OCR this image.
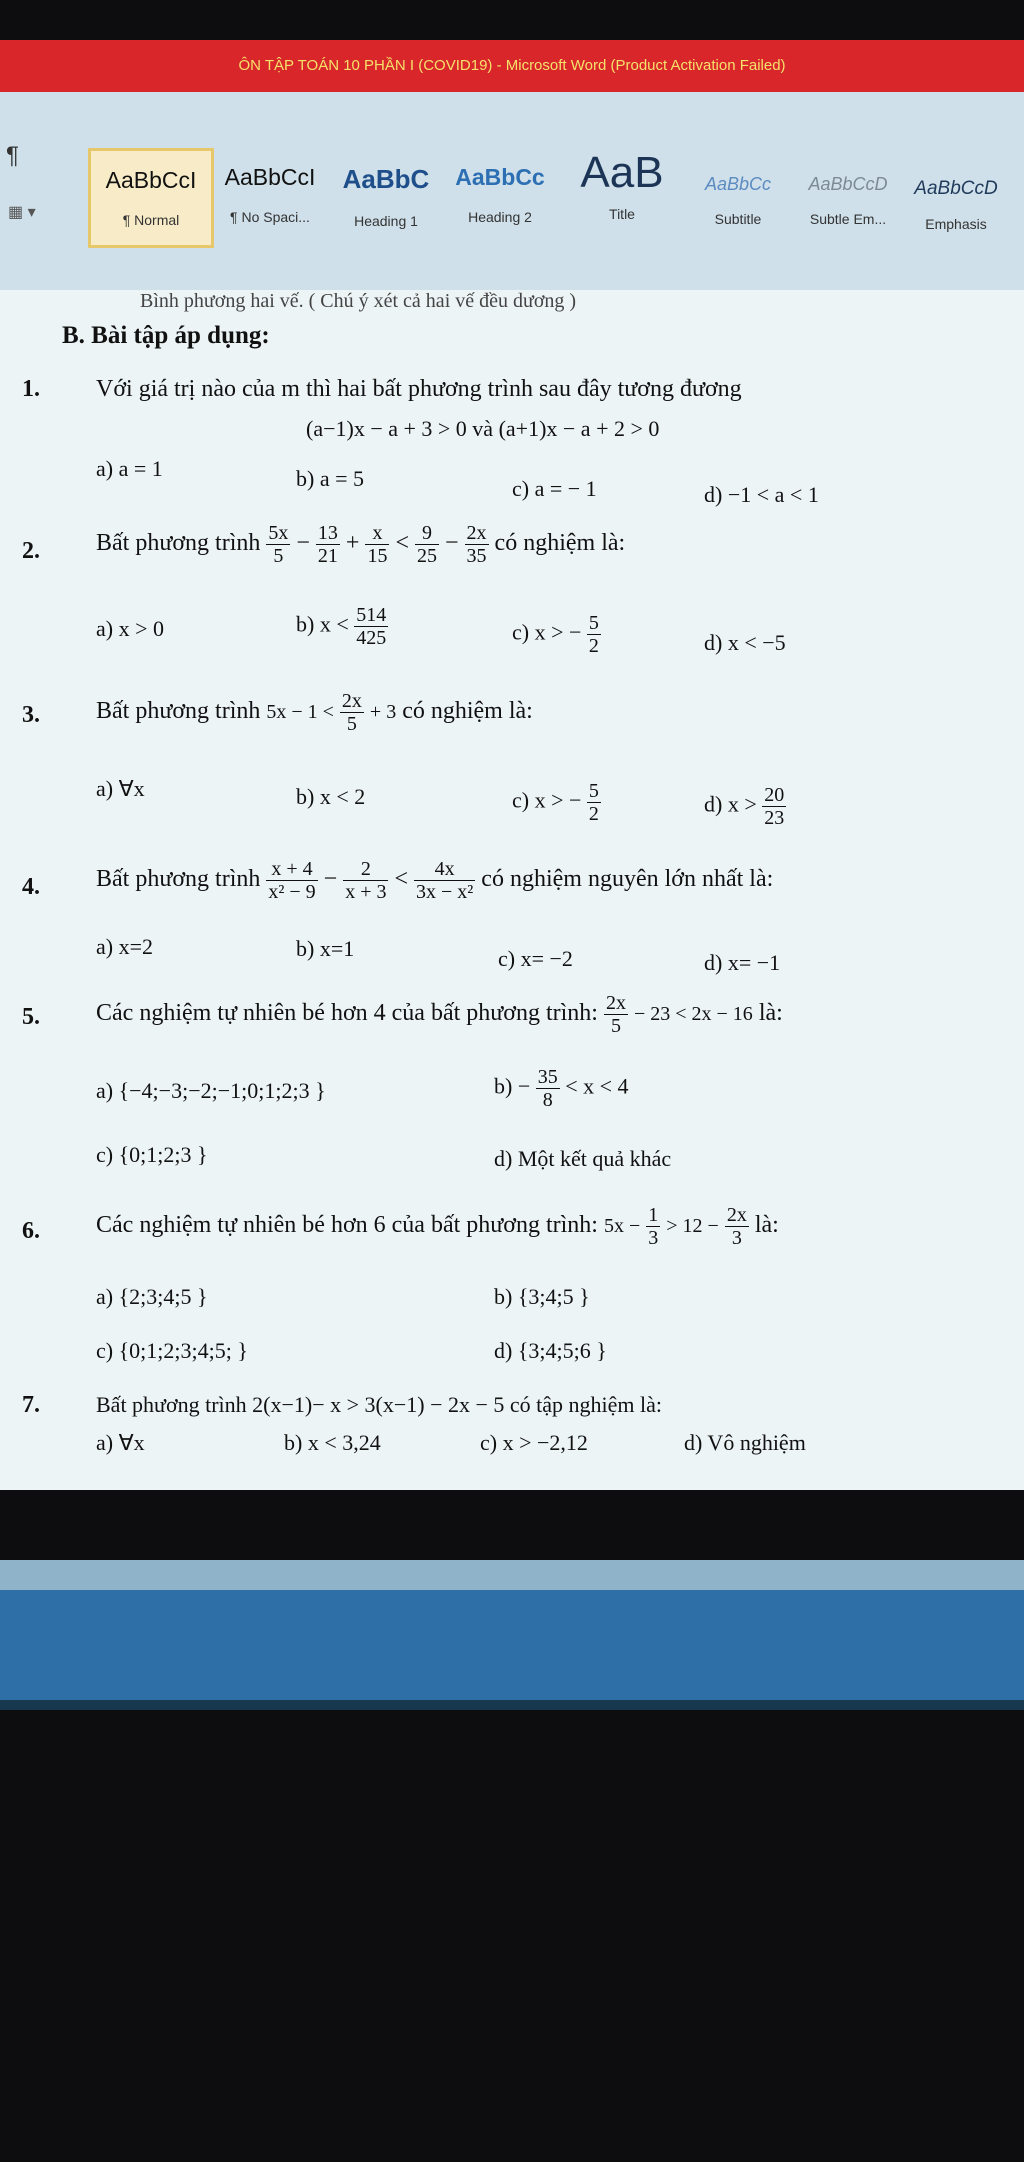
ÔN TẬP TOÁN 10 PHẦN I (COVID19) - Microsoft Word (Product Activation Failed)
¶
▦ ▾
AaBbCcI
¶ Normal
AaBbCcI
¶ No Spaci...
AaBbC
Heading 1
AaBbCc
Heading 2
AaB
Title
AaBbCc
Subtitle
AaBbCcD
Subtle Em...
AaBbCcD
Emphasis
Bình phương hai vế. ( Chú ý xét cả hai vế đều dương )
B. Bài tập áp dụng:
1. Với giá trị nào của m thì hai bất phương trình sau đây tương đương
(a−1)x − a + 3 > 0 và (a+1)x − a + 2 > 0
a) a = 1	b) a = 5	c) a = − 1	d) −1 < a < 1
2. Bất phương trình $\frac{5x}{5} - \frac{13}{21} + \frac{x}{15} < \frac{9}{25} - \frac{2x}{35}$ có nghiệm là:
a) x > 0	b) $x < \frac{514}{425}$	c) x > − $\frac{5}{2}$	d) x < −5
3. Bất phương trình $5x - 1 < \frac{2x}{5} + 3$ có nghiệm là:
a) ∀x	b) x < 2	c) x > − $\frac{5}{2}$	d) $x > \frac{20}{23}$
4. Bất phương trình $\frac{x + 4}{\text{x² − 9}} - \frac{2}{x + 3} < \frac{4x}{\text{3x − x²}}$ có nghiệm nguyên lớn nhất là:
a) x=2	b) x=1	c) x= −2	d) x= −1
5. Các nghiệm tự nhiên bé hơn 4 của bất phương trình: $\frac{2x}{5} - 23 < 2x - 16$ là:
a) {−4;−3;−2;−1;0;1;2;3 }	$b) - \frac{35}{8} < x < 4$
c) {0;1;2;3 }	d) Một kết quả khác
6. Các nghiệm tự nhiên bé hơn 6 của bất phương trình: $5x - \frac{1}{3} > 12 - \frac{2x}{3}$ là:
a) {2;3;4;5 }	b) {3;4;5 }
c) {0;1;2;3;4;5; }	d) {3;4;5;6 }
7.	Bất phương trình 2(x−1)− x > 3(x−1) − 2x − 5 có tập nghiệm là:
a) ∀x	b) x < 3,24	c) x > −2,12	d) Vô nghiệm
